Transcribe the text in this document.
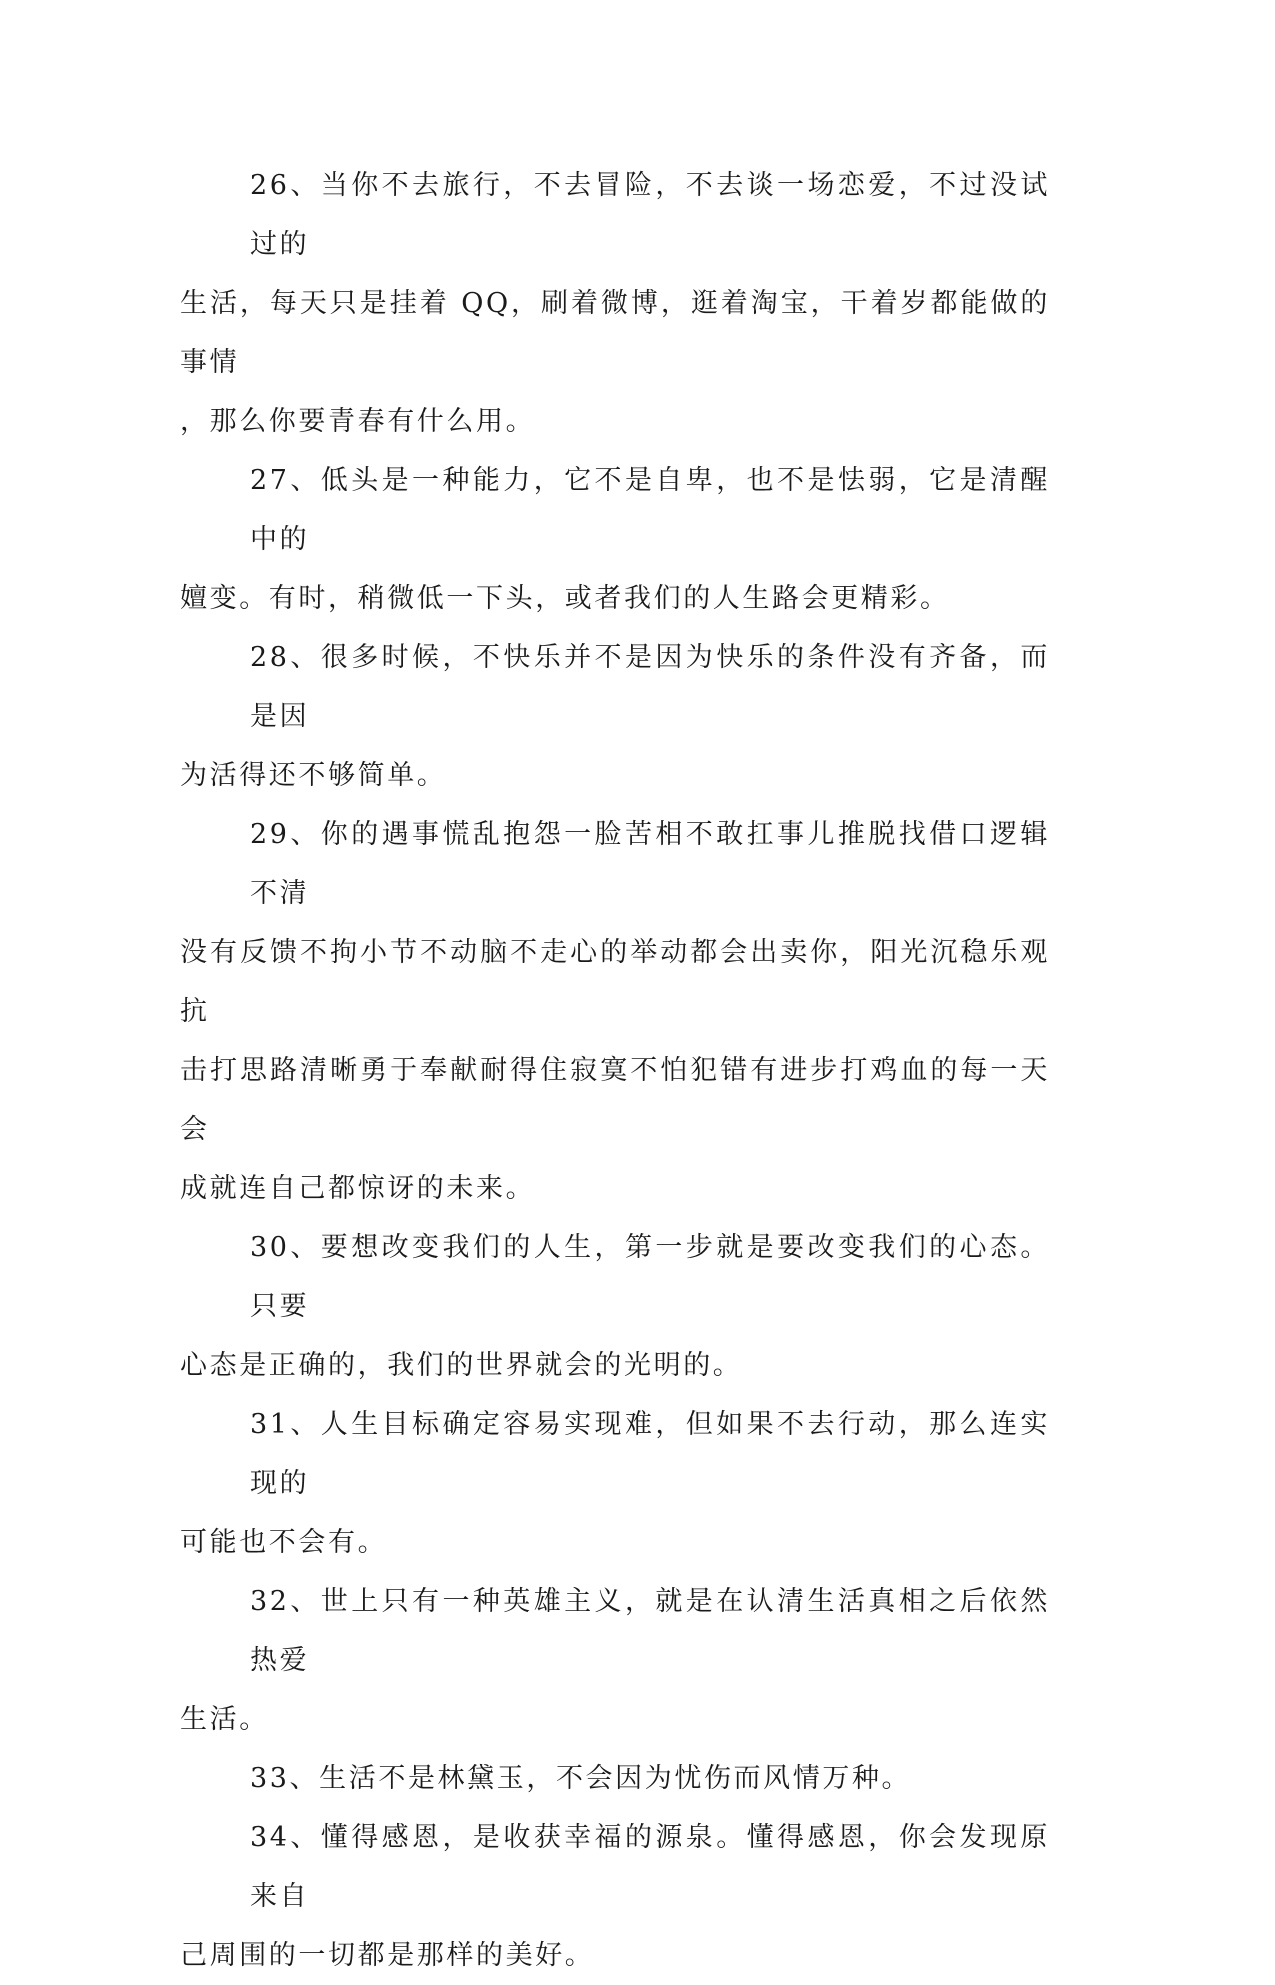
26、当你不去旅行，不去冒险，不去谈一场恋爱，不过没试过的
生活，每天只是挂着 QQ，刷着微博，逛着淘宝，干着岁都能做的事情
，那么你要青春有什么用。

27、低头是一种能力，它不是自卑，也不是怯弱，它是清醒中的
嬗变。有时，稍微低一下头，或者我们的人生路会更精彩。

28、很多时候，不快乐并不是因为快乐的条件没有齐备，而是因
为活得还不够简单。

29、你的遇事慌乱抱怨一脸苦相不敢扛事儿推脱找借口逻辑不清
没有反馈不拘小节不动脑不走心的举动都会出卖你，阳光沉稳乐观抗
击打思路清晰勇于奉献耐得住寂寞不怕犯错有进步打鸡血的每一天会
成就连自己都惊讶的未来。

30、要想改变我们的人生，第一步就是要改变我们的心态。只要
心态是正确的，我们的世界就会的光明的。

31、人生目标确定容易实现难，但如果不去行动，那么连实现的
可能也不会有。

32、世上只有一种英雄主义，就是在认清生活真相之后依然热爱
生活。

33、生活不是林黛玉，不会因为忧伤而风情万种。

34、懂得感恩，是收获幸福的源泉。懂得感恩，你会发现原来自
己周围的一切都是那样的美好。
